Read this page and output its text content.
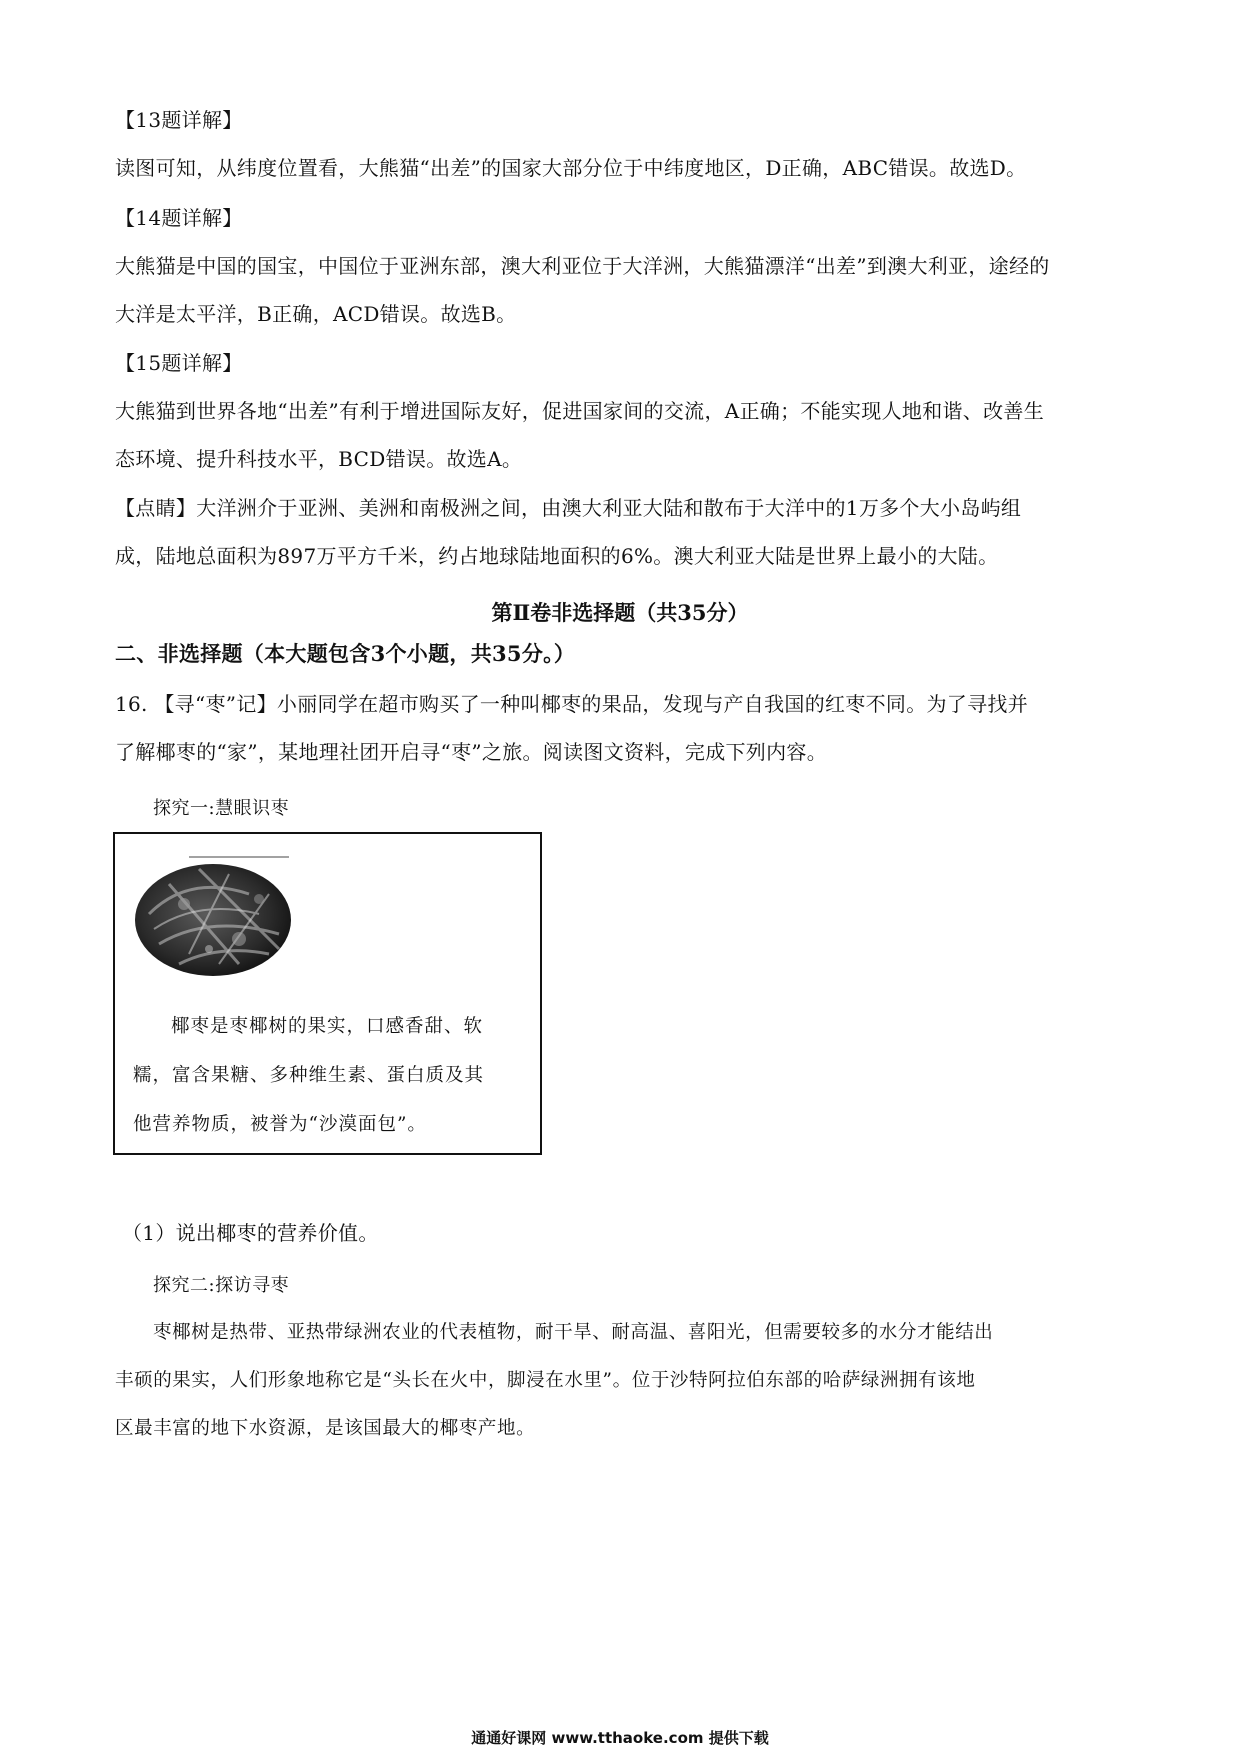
【13题详解】
读图可知，从纬度位置看，大熊猫“出差”的国家大部分位于中纬度地区，D正确，ABC错误。故选D。
【14题详解】
大熊猫是中国的国宝，中国位于亚洲东部，澳大利亚位于大洋洲，大熊猫漂洋“出差”到澳大利亚，途经的
大洋是太平洋，B正确，ACD错误。故选B。
【15题详解】
大熊猫到世界各地“出差”有利于增进国际友好，促进国家间的交流，A正确；不能实现人地和谐、改善生
态环境、提升科技水平，BCD错误。故选A。
【点睛】大洋洲介于亚洲、美洲和南极洲之间，由澳大利亚大陆和散布于大洋中的1万多个大小岛屿组
成，陆地总面积为897万平方千米，约占地球陆地面积的6%。澳大利亚大陆是世界上最小的大陆。
第Ⅱ卷非选择题（共35分）
二、非选择题（本大题包含3个小题，共35分。）
16. 【寻“枣”记】小丽同学在超市购买了一种叫椰枣的果品，发现与产自我国的红枣不同。为了寻找并
了解椰枣的“家”，某地理社团开启寻“枣”之旅。阅读图文资料，完成下列内容。
探究一:慧眼识枣
椰枣是枣椰树的果实，口感香甜、软
糯，富含果糖、多种维生素、蛋白质及其
他营养物质，被誉为“沙漠面包”。
（1）说出椰枣的营养价值。
探究二:探访寻枣
枣椰树是热带、亚热带绿洲农业的代表植物，耐干旱、耐高温、喜阳光，但需要较多的水分才能结出
丰硕的果实，人们形象地称它是“头长在火中，脚浸在水里”。位于沙特阿拉伯东部的哈萨绿洲拥有该地
区最丰富的地下水资源，是该国最大的椰枣产地。
通通好课网 www.tthaoke.com 提供下载
